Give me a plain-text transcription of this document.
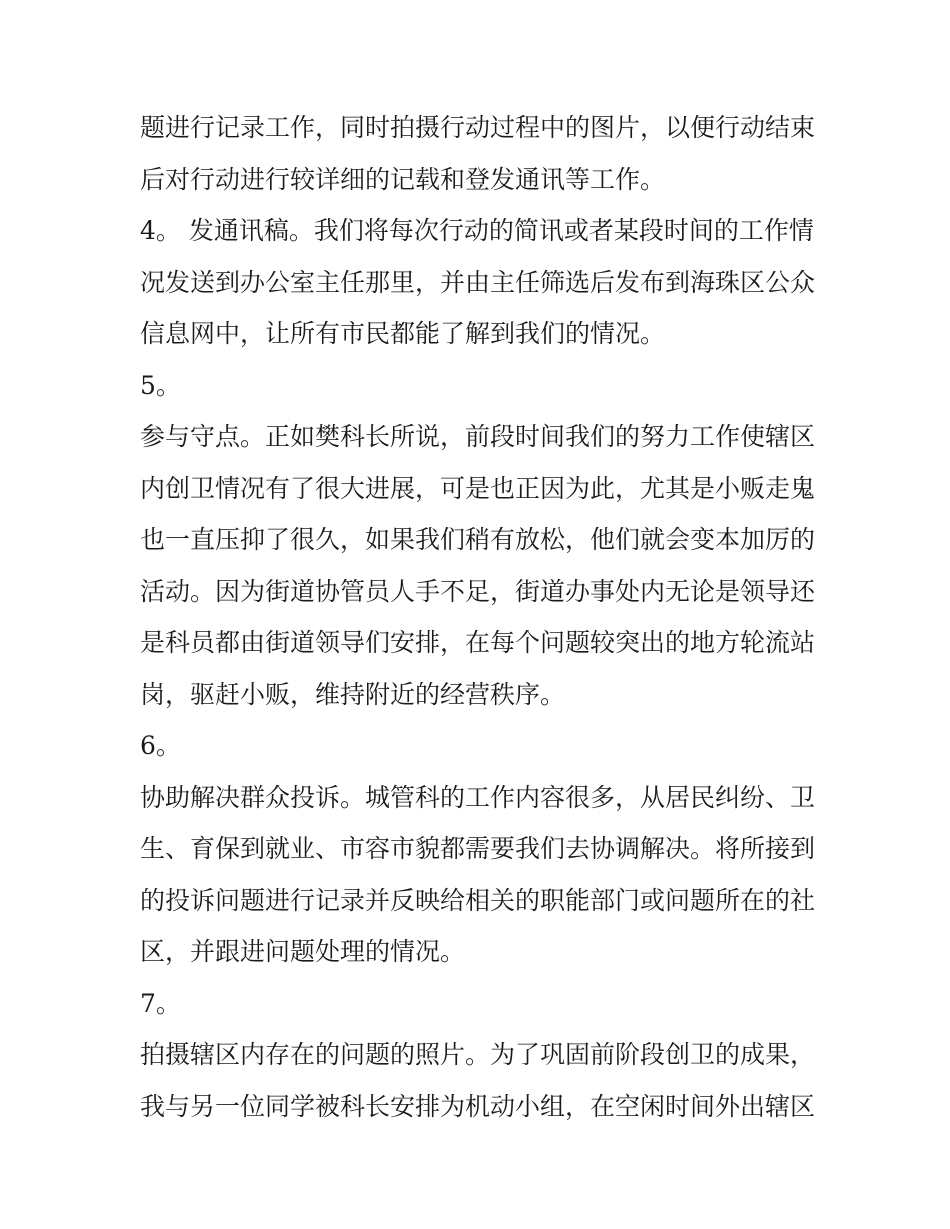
题进行记录工作，同时拍摄行动过程中的图片，以便行动结束
后对行动进行较详细的记载和登发通讯等工作。
4。 发通讯稿。我们将每次行动的简讯或者某段时间的工作情
况发送到办公室主任那里，并由主任筛选后发布到海珠区公众
信息网中，让所有市民都能了解到我们的情况。
5。
参与守点。正如樊科长所说，前段时间我们的努力工作使辖区
内创卫情况有了很大进展，可是也正因为此，尤其是小贩走鬼
也一直压抑了很久，如果我们稍有放松，他们就会变本加厉的
活动。因为街道协管员人手不足，街道办事处内无论是领导还
是科员都由街道领导们安排，在每个问题较突出的地方轮流站
岗，驱赶小贩，维持附近的经营秩序。
6。
协助解决群众投诉。城管科的工作内容很多，从居民纠纷、卫
生、育保到就业、市容市貌都需要我们去协调解决。将所接到
的投诉问题进行记录并反映给相关的职能部门或问题所在的社
区，并跟进问题处理的情况。
7。
拍摄辖区内存在的问题的照片。为了巩固前阶段创卫的成果，
我与另一位同学被科长安排为机动小组，在空闲时间外出辖区
